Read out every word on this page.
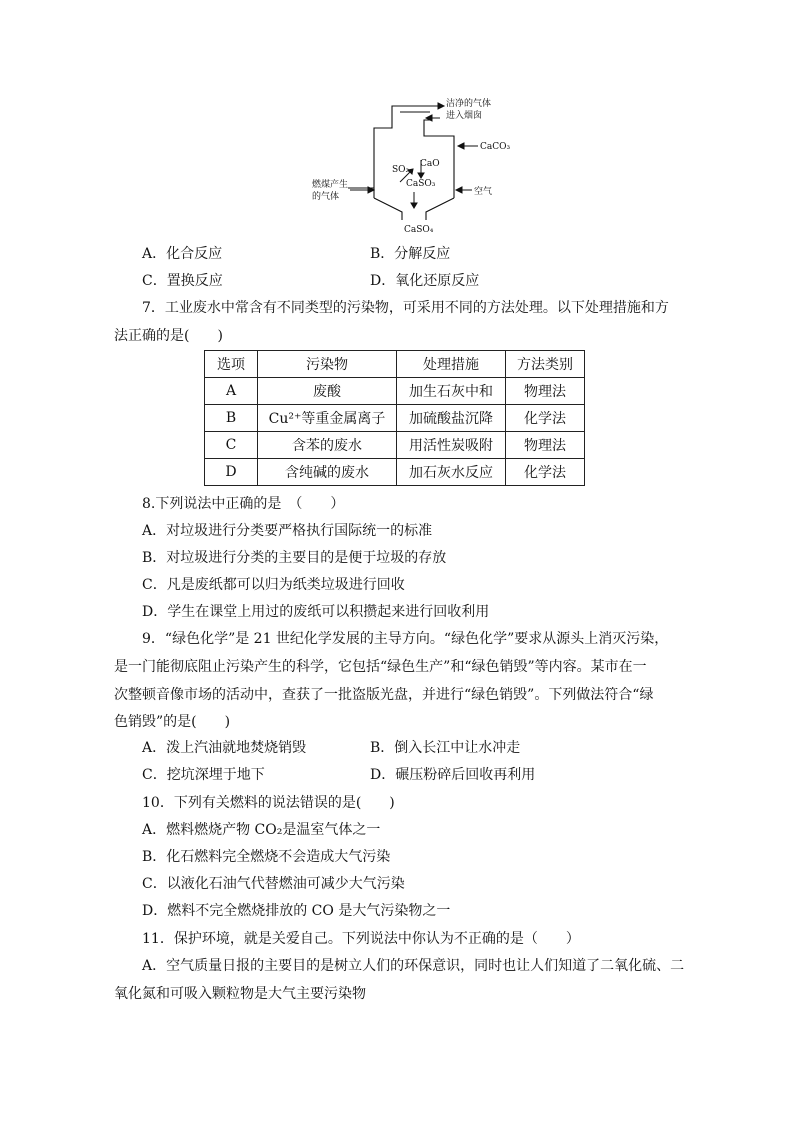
洁净的气体
进入烟囱
CaCO₃
CaO
SO₂
CaSO₃
燃煤产生
的气体	空气
CaSO₄
A．化合反应	B．分解反应
C．置换反应	D．氧化还原反应
7．工业废水中常含有不同类型的污染物，可采用不同的方法处理。以下处理措施和方
法正确的是(　　)
选项	污染物	处理措施	方法类别
A	废酸	加生石灰中和	物理法
B	Cu²⁺等重金属离子	加硫酸盐沉降	化学法
C	含苯的废水	用活性炭吸附	物理法
D	含纯碱的废水	加石灰水反应	化学法
8.下列说法中正确的是　（　　）
A．对垃圾进行分类要严格执行国际统一的标准
B．对垃圾进行分类的主要目的是便于垃圾的存放
C．凡是废纸都可以归为纸类垃圾进行回收
D．学生在课堂上用过的废纸可以积攒起来进行回收利用
9．“绿色化学”是 21 世纪化学发展的主导方向。“绿色化学”要求从源头上消灭污染，
是一门能彻底阻止污染产生的科学，它包括“绿色生产”和“绿色销毁”等内容。某市在一
次整顿音像市场的活动中，查获了一批盗版光盘，并进行“绿色销毁”。下列做法符合“绿
色销毁”的是(　　)
A．泼上汽油就地焚烧销毁	B．倒入长江中让水冲走
C．挖坑深埋于地下	D．碾压粉碎后回收再利用
10．下列有关燃料的说法错误的是(　　)
A．燃料燃烧产物 CO₂是温室气体之一
B．化石燃料完全燃烧不会造成大气污染
C．以液化石油气代替燃油可减少大气污染
D．燃料不完全燃烧排放的 CO 是大气污染物之一
11．保护环境，就是关爱自己。下列说法中你认为不正确的是（　　）
A．空气质量日报的主要目的是树立人们的环保意识，同时也让人们知道了二氧化硫、二
氧化氮和可吸入颗粒物是大气主要污染物
